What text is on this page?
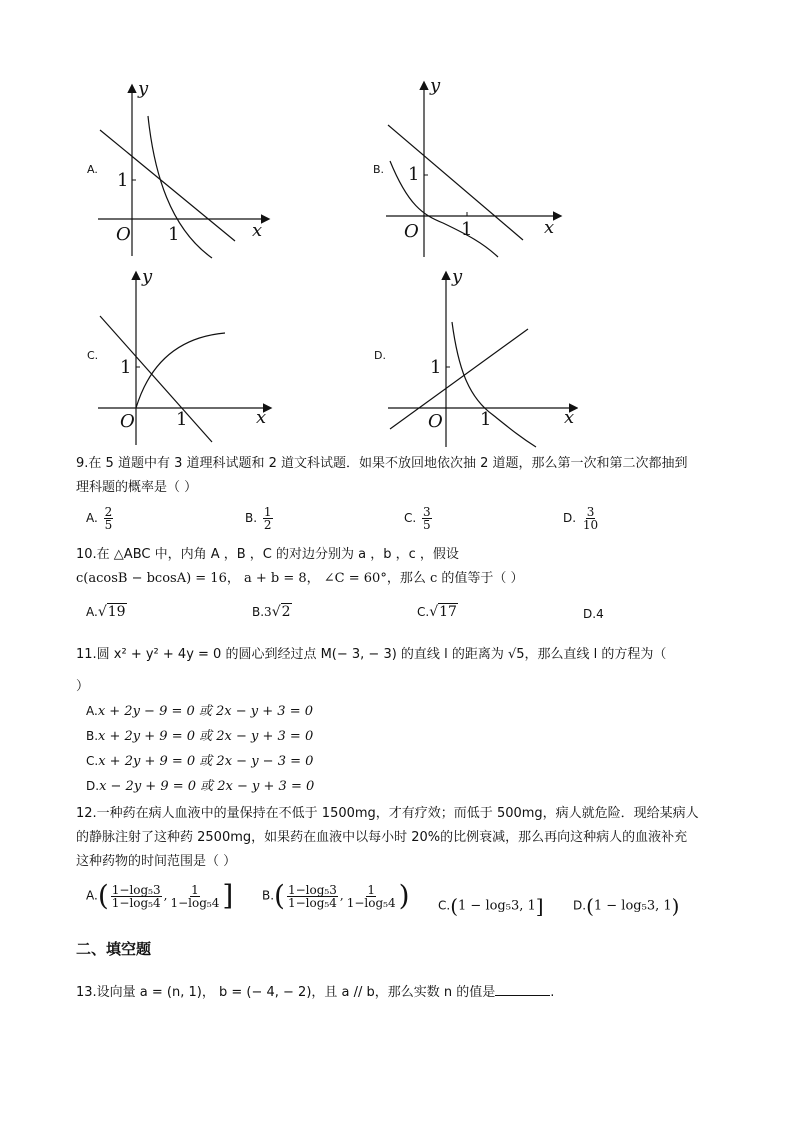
A.
y
x
O
1
1
B.
y
x
O
1
1
C.
y
x
O
1
1
D.
y
x
O
1
1
9.在 5 道题中有 3 道理科试题和 2 道文科试题．如果不放回地依次抽 2 道题，那么第一次和第二次都抽到
理科题的概率是（ ）
A. $\frac{2}{5}$	B. $\frac{1}{2}$	C. $\frac{3}{5}$	D. $\frac{3}{10}$
10.在 △ABC 中，内角 A ，B ，C 的对边分别为 a ，b ，c ，假设
c(acosB − bcosA) = 16， a + b = 8， ∠C = 60°，那么 c 的值等于（ ）
A.√19	B.3√2	C.√17	D.4
11.圆 x² + y² + 4y = 0 的圆心到经过点 M(− 3, − 3) 的直线 l 的距离为 √5，那么直线 l 的方程为（
）
A.x + 2y − 9 = 0 或 2x − y + 3 = 0
B.x + 2y + 9 = 0 或 2x − y + 3 = 0
C.x + 2y + 9 = 0 或 2x − y − 3 = 0
D.x − 2y + 9 = 0 或 2x − y + 3 = 0
12.一种药在病人血液中的量保持在不低于 1500mg，才有疗效；而低于 500mg，病人就危险．现给某病人
的静脉注射了这种药 2500mg，如果药在血液中以每小时 20%的比例衰减，那么再向这种病人的血液补充
这种药物的时间范围是（ ）
$A.( \frac{\text{1−log₅3}}{\text{1−log₅4}}$ , $\frac{1}{\text{1−log₅4}}$ ] $B.( \frac{\text{1−log₅3}}{\text{1−log₅4}}$ , $\frac{1}{\text{1−log₅4}}$ ) C.(1 − log₅3, 1] D.(1 − log₅3, 1)
二、填空题
13.设向量 a = (n, 1)， b = (− 4, − 2)，且 a // b，那么实数 n 的值是	.
